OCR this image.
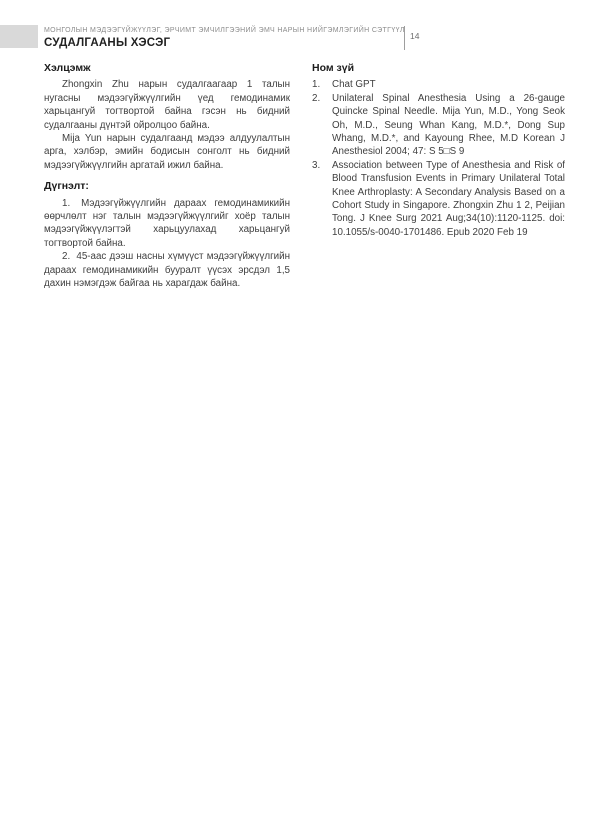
МОНГОЛЫН МЭДЭЭГҮЙЖҮҮЛЭГ, ЭРЧИМТ ЭМЧИЛГЭЭНИЙ ЭМЧ НАРЫН НИЙГЭМЛЭГИЙН СЭТГҮҮЛ
СУДАЛГААНЫ ХЭСЭГ
14
Хэлцэмж

Zhongxin Zhu нарын судалгаагаар 1 талын нугасны мэдээгүйжүүлгийн үед гемодинамик харьцангуй тогтвортой байна гэсэн нь бидний судалгааны дүнтэй ойролцоо байна.

Mija Yun нарын судалгаанд мэдээ алдуулалтын арга, хэлбэр, эмийн бодисын сонголт нь бидний мэдээгүйжүүлгийн аргатай ижил байна.

Дүгнэлт:

1. Мэдээгүйжүүлгийн дараах гемодинамикийн өөрчлөлт нэг талын мэдээгүйжүүлгийг хоёр талын мэдээгүйжүүлэгтэй харьцуулахад харьцангуй тогтвортой байна.

2. 45-аас дээш насны хүмүүст мэдээгүйжүүлгийн дараах гемодинамикийн бууралт үүсэх эрсдэл 1,5 дахин нэмэгдэж байгаа нь харагдаж байна.

Ном зүй
1.	Chat GPT
2.	Unilateral Spinal Anesthesia Using a 26-gauge Quincke Spinal Needle. Mija Yun, M.D., Yong Seok Oh, M.D., Seung Whan Kang, M.D.*, Dong Sup Whang, M.D.*, and Kayoung Rhee, M.D Korean J Anesthesiol 2004; 47: S 5□S 9
3.	Association between Type of Anesthesia and Risk of Blood Transfusion Events in Primary Unilateral Total Knee Arthroplasty: A Secondary Analysis Based on a Cohort Study in Singapore. Zhongxin Zhu 1 2, Peijian Tong. J Knee Surg 2021 Aug;34(10):1120-1125. doi: 10.1055/s-0040-1701486. Epub 2020 Feb 19
